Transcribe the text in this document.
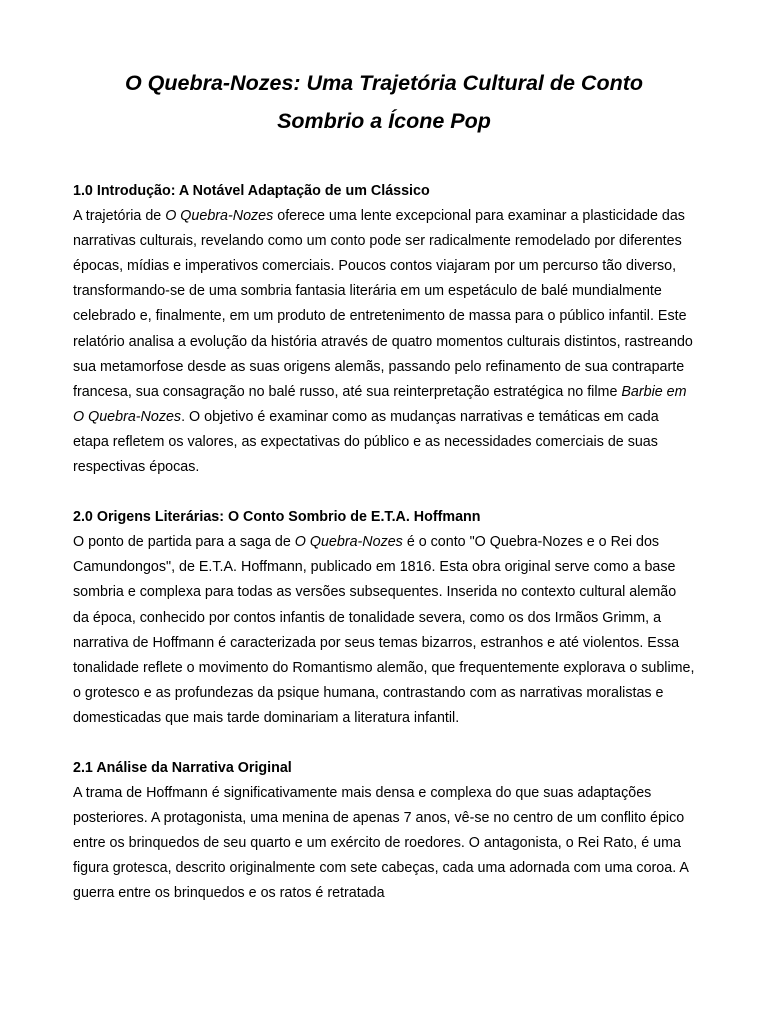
O Quebra-Nozes: Uma Trajetória Cultural de Conto
Sombrio a Ícone Pop
1.0 Introdução: A Notável Adaptação de um Clássico

A trajetória de O Quebra-Nozes oferece uma lente excepcional para examinar a plasticidade das narrativas culturais, revelando como um conto pode ser radicalmente remodelado por diferentes épocas, mídias e imperativos comerciais. Poucos contos viajaram por um percurso tão diverso, transformando-se de uma sombria fantasia literária em um espetáculo de balé mundialmente celebrado e, finalmente, em um produto de entretenimento de massa para o público infantil. Este relatório analisa a evolução da história através de quatro momentos culturais distintos, rastreando sua metamorfose desde as suas origens alemãs, passando pelo refinamento de sua contraparte francesa, sua consagração no balé russo, até sua reinterpretação estratégica no filme Barbie em O Quebra-Nozes. O objetivo é examinar como as mudanças narrativas e temáticas em cada etapa refletem os valores, as expectativas do público e as necessidades comerciais de suas respectivas épocas.

2.0 Origens Literárias: O Conto Sombrio de E.T.A. Hoffmann

O ponto de partida para a saga de O Quebra-Nozes é o conto "O Quebra-Nozes e o Rei dos Camundongos", de E.T.A. Hoffmann, publicado em 1816. Esta obra original serve como a base sombria e complexa para todas as versões subsequentes. Inserida no contexto cultural alemão da época, conhecido por contos infantis de tonalidade severa, como os dos Irmãos Grimm, a narrativa de Hoffmann é caracterizada por seus temas bizarros, estranhos e até violentos. Essa tonalidade reflete o movimento do Romantismo alemão, que frequentemente explorava o sublime, o grotesco e as profundezas da psique humana, contrastando com as narrativas moralistas e domesticadas que mais tarde dominariam a literatura infantil.

2.1 Análise da Narrativa Original

A trama de Hoffmann é significativamente mais densa e complexa do que suas adaptações posteriores. A protagonista, uma menina de apenas 7 anos, vê-se no centro de um conflito épico entre os brinquedos de seu quarto e um exército de roedores. O antagonista, o Rei Rato, é uma figura grotesca, descrito originalmente com sete cabeças, cada uma adornada com uma coroa. A guerra entre os brinquedos e os ratos é retratada
